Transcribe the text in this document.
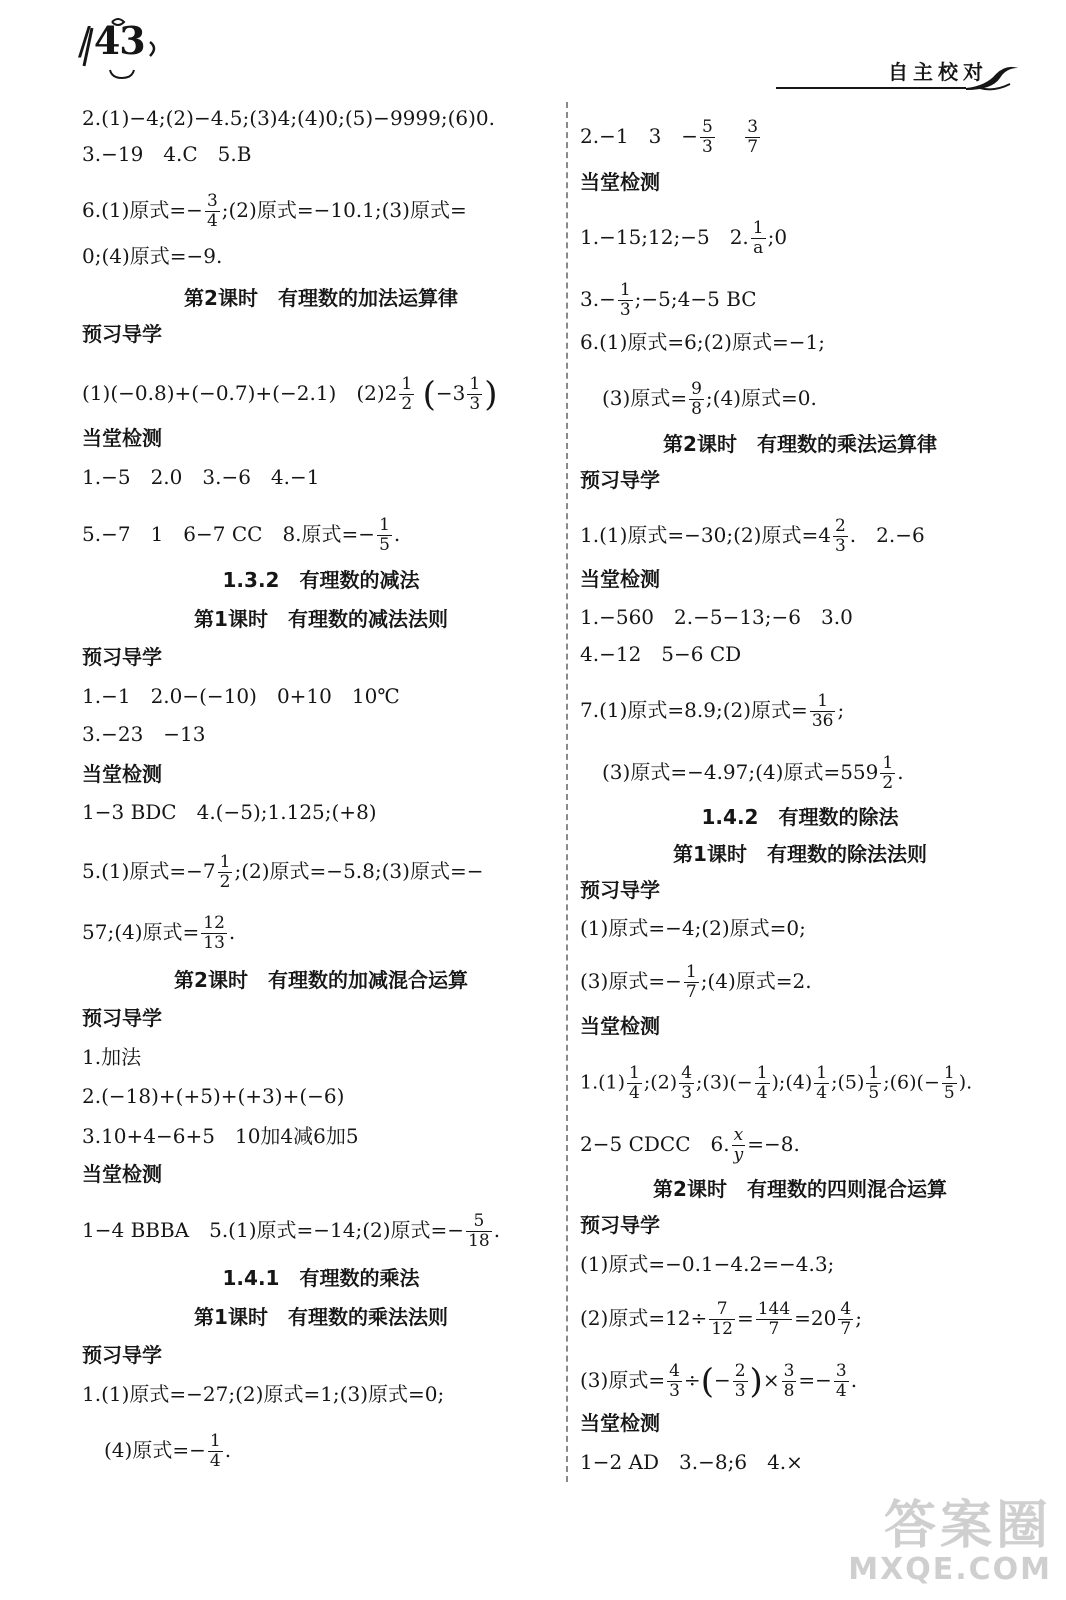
/ 43
自主校对
2.(1)−4;(2)−4.5;(3)4;(4)0;(5)−9999;(6)0.
3.−19　4.C　5.B
6.(1)原式=− $\frac{3}{4}$ ;(2)原式=−10.1;(3)原式=
0;(4)原式=−9.
第2课时　有理数的加法运算律
预习导学
(1)(−0.8)+(−0.7)+(−2.1)　$(2)2 \frac{1}{2} (-3 \frac{1}{3}$ )
当堂检测
1.−5　2.0　3.−6　4.−1
5.−7　1　6−7 CC　8.原式=− $\frac{1}{5}$ .
1.3.2　有理数的减法
第1课时　有理数的减法法则
预习导学
1.−1　2.0−(−10)　0+10　10℃
3.−23　−13
当堂检测
1−3 BDC　4.(−5);1.125;(+8)
5.(1)原式$=-7 \frac{1}{2}$ ;(2)原式=−5.8;(3)原式=−
57;(4)原式= $\frac{12}{13}$ .
第2课时　有理数的加减混合运算
预习导学
1.加法
2.(−18)+(+5)+(+3)+(−6)
3.10+4−6+5　10加4减6加5
当堂检测
1−4 BBBA　5.(1)原式=−14;(2)原式=− $\frac{5}{18}$ .
1.4.1　有理数的乘法
第1课时　有理数的乘法法则
预习导学
1.(1)原式=−27;(2)原式=1;(3)原式=0;
(4)原式=− $\frac{1}{4}$ .
2.−1　3　− $\frac{5}{3}$
　 $\frac{3}{7}$
当堂检测
1.−15;12;−5　2. $\frac{1}{a}$ ;0
$3.- \frac{1}{3}$ ;−5;4−5 BC
6.(1)原式=6;(2)原式=−1;
(3)原式= $\frac{9}{8}$ ;(4)原式=0.
第2课时　有理数的乘法运算律
预习导学
1.(1)原式=−30;(2)原式$=4 \frac{2}{3}$ .　2.−6
当堂检测
1.−560　2.−5−13;−6　3.0
4.−12　5−6 CD
7.(1)原式=8.9;(2)原式= $\frac{1}{36}$ ;
(3)原式=−4.97;(4)原式$=559 \frac{1}{2}$ .
1.4.2　有理数的除法
第1课时　有理数的除法法则
预习导学
(1)原式=−4;(2)原式=0;
(3)原式=− $\frac{1}{7}$ ;(4)原式=2.
当堂检测
$1.(1) \frac{1}{4}$ ;(2) $\frac{4}{3}$ ;(3)(− $\frac{1}{4}$ );(4) $\frac{1}{4}$ ;(5) $\frac{1}{5}$ ;(6)(− $\frac{1}{5}$ ).
2−5 CDCC　6. $\frac{x}{y} =-8$.
第2课时　有理数的四则混合运算
预习导学
(1)原式=−0.1−4.2=−4.3;
(2)原式$=12\div \frac{7}{12} = \frac{144}{7} =20 \frac{4}{7}$ ;
(3)原式= $\frac{4}{3}$ ÷(− $\frac{2}{3}$ )× $\frac{3}{8} =- \frac{3}{4}$ .
当堂检测
1−2 AD　3.−8;6　4.×
答案圈
MXQE.COM
